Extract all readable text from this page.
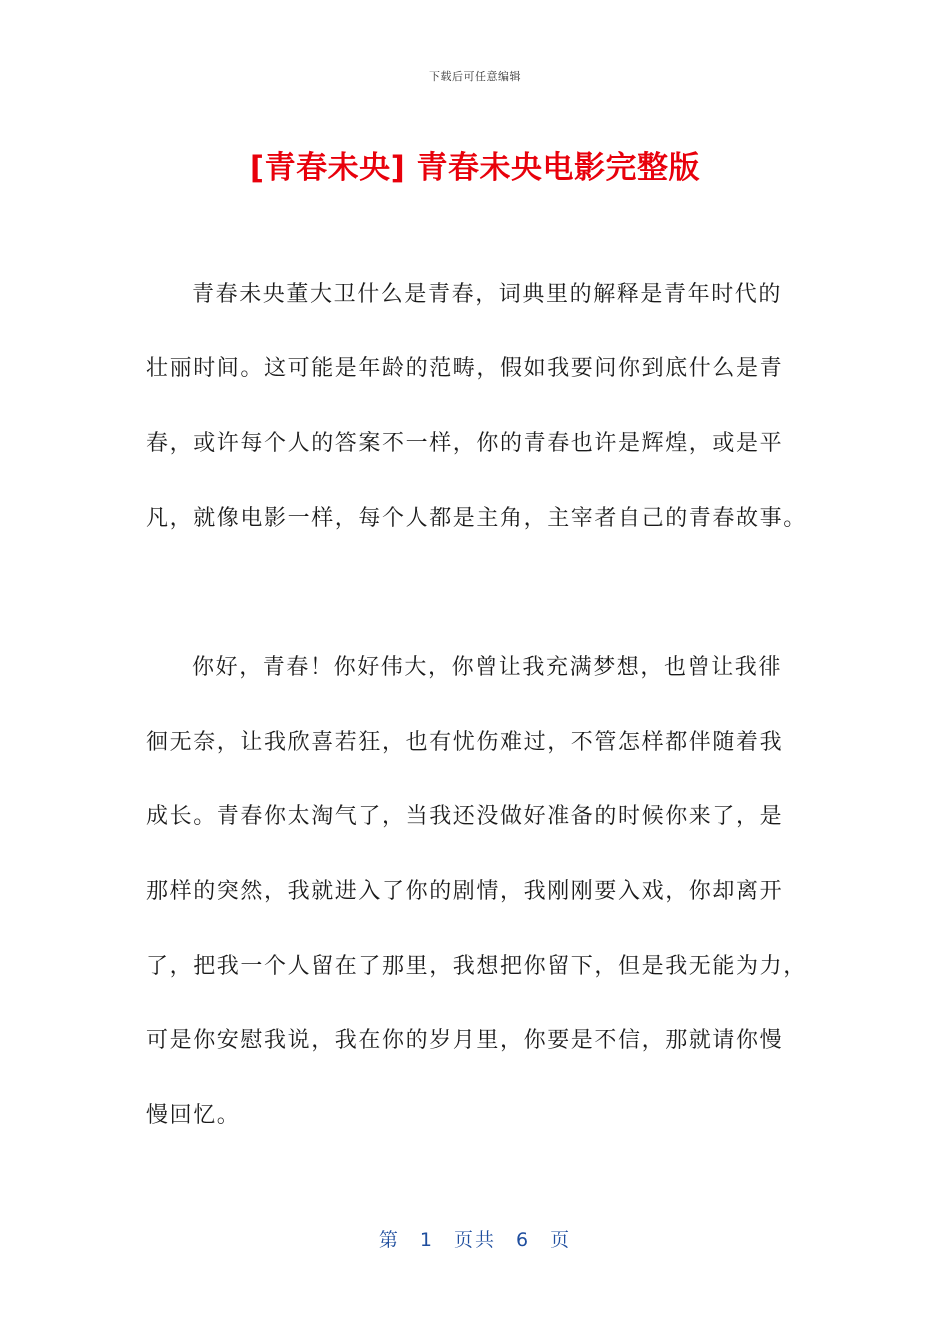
下载后可任意编辑
[青春未央] 青春未央电影完整版
青春未央董大卫什么是青春，词典里的解释是青年时代的
壮丽时间。这可能是年龄的范畴，假如我要问你到底什么是青
春，或许每个人的答案不一样，你的青春也许是辉煌，或是平
凡，就像电影一样，每个人都是主角，主宰者自己的青春故事。
你好，青春！你好伟大，你曾让我充满梦想，也曾让我徘
徊无奈，让我欣喜若狂，也有忧伤难过，不管怎样都伴随着我
成长。青春你太淘气了，当我还没做好准备的时候你来了，是
那样的突然，我就进入了你的剧情，我刚刚要入戏，你却离开
了，把我一个人留在了那里，我想把你留下，但是我无能为力，
可是你安慰我说，我在你的岁月里，你要是不信，那就请你慢
慢回忆。
第 1 页共 6 页
